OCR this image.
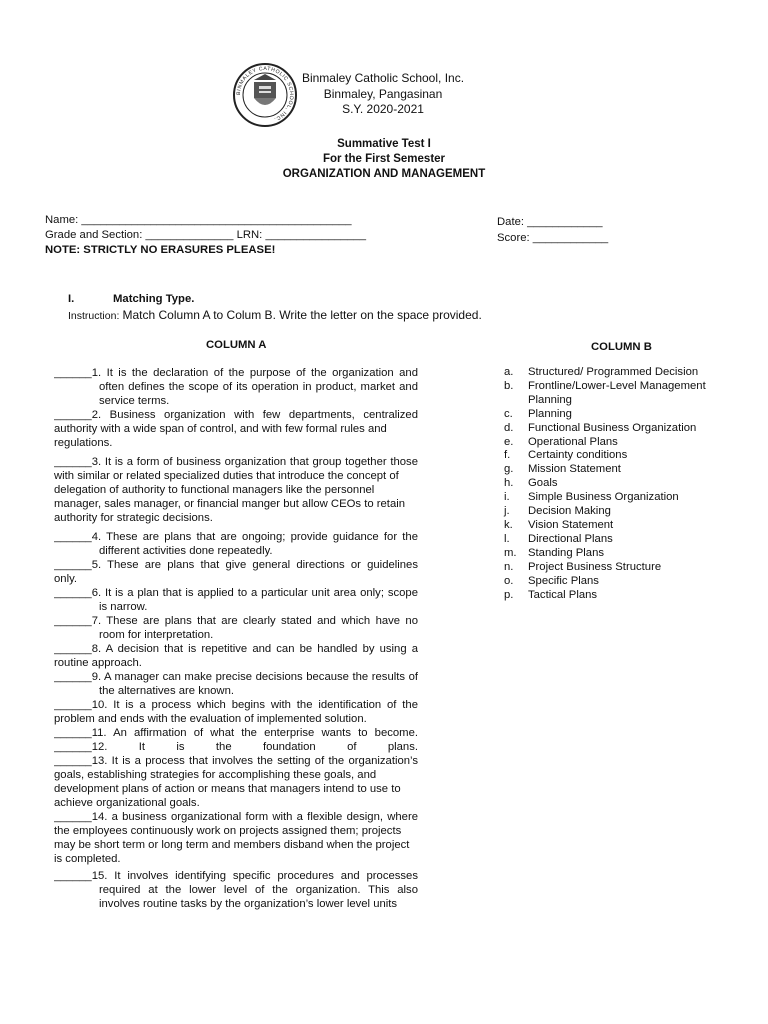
BINMALEY CATHOLIC SCHOOL, INC.
Binmaley Catholic School, Inc.
Binmaley, Pangasinan
S.Y. 2020-2021
Summative Test I
For the First Semester
ORGANIZATION AND MANAGEMENT
Name: ___________________________________________
Grade and Section: ______________ LRN: ________________
NOTE: STRICTLY NO ERASURES PLEASE!
Date: ____________
Score: ____________
I.	Matching Type.
Instruction: Match Column A to Colum B. Write the letter on the space provided.
COLUMN A	COLUMN B
______1. It is the declaration of the purpose of the organization and
often defines the scope of its operation in product, market and
service terms.
______2. Business organization with few departments, centralized
authority with a wide span of control, and with few formal rules and
regulations.
______3. It is a form of business organization that group together those
with similar or related specialized duties that introduce the concept of
delegation of authority to functional managers like the personnel
manager, sales manager, or financial manger but allow CEOs to retain
authority for strategic decisions.
______4. These are plans that are ongoing; provide guidance for the
different activities done repeatedly.
______5. These are plans that give general directions or guidelines
only.
______6. It is a plan that is applied to a particular unit area only; scope
is narrow.
______7. These are plans that are clearly stated and which have no
room for interpretation.
______8. A decision that is repetitive and can be handled by using a
routine approach.
______9. A manager can make precise decisions because the results of
the alternatives are known.
______10. It is a process which begins with the identification of the
problem and ends with the evaluation of implemented solution.
______11. An affirmation of what the enterprise wants to become.
______12. It is the foundation of plans.
______13. It is a process that involves the setting of the organization’s
goals, establishing strategies for accomplishing these goals, and
development plans of action or means that managers intend to use to
achieve organizational goals.
______14. a business organizational form with a flexible design, where
the employees continuously work on projects assigned them; projects
may be short term or long term and members disband when the project
is completed.
______15. It involves identifying specific procedures and processes
required at the lower level of the organization. This also
involves routine tasks by the organization’s lower level units
a.	Structured/ Programmed Decision
b.	Frontline/Lower-Level Management
Planning
c.	Planning
d.	Functional Business Organization
e.	Operational Plans
f.	Certainty conditions
g.	Mission Statement
h.	Goals
i.	Simple Business Organization
j.	Decision Making
k.	Vision Statement
l.	Directional Plans
m.	Standing Plans
n.	Project Business Structure
o.	Specific Plans
p.	Tactical Plans
